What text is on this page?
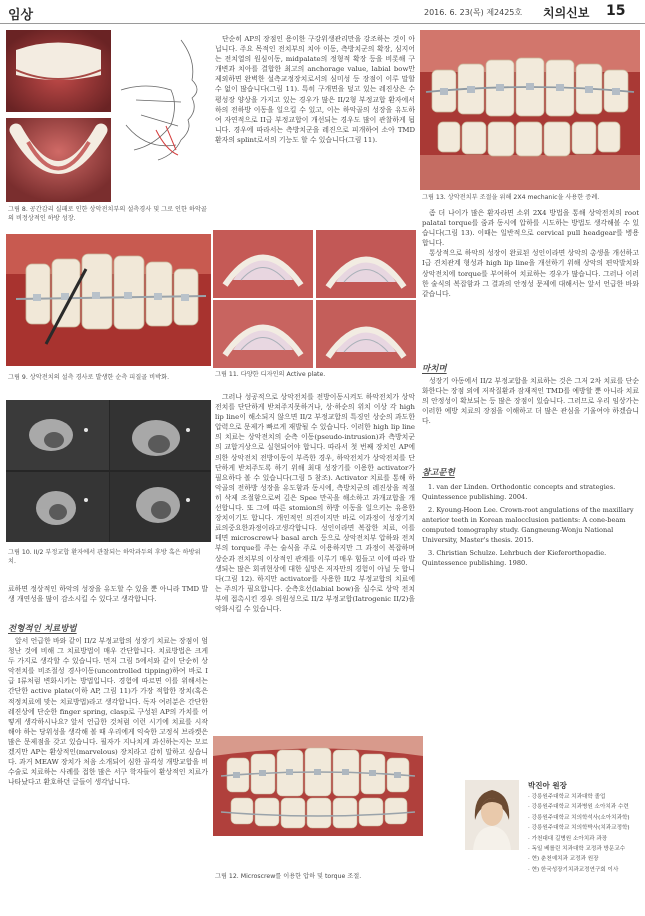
임상	2016. 6. 23(목) 제2425호 치의신보 15
그림 8. 공간감리 실패로 인한 상악전치부의 설측경사 및 그로 인한 하악골의 비정상적인 하방 성장.
그림 9. 상악전치의 설측 경사로 발생한 순측 피질골 비박화.
그림 10. II/2 부정교합 환자에서 관찰되는 하악과두의 후방 혹은 하방위치.

료하면 정상적인 하악의 성장을 유도할 수 있을 뿐 아니라 TMD 발생 개연성을 많이 감소시킬 수 있다고 생각합니다.

전형적인 치료방법

앞서 언급한 바와 같이 II/2 부정교합의 성장기 치료는 장점이 엄청난 것에 비해 그 치료방법이 매우 간단합니다. 치료방법은 크게 두 가지로 생각할 수 있습니다. 먼저 그림 5에서와 같이 단순히 상악전치를 비조절성 경사이동(uncontrolled tipping)하여 바로 I급 I류처럼 변화시키는 방법입니다. 경험에 따르면 이를 위해서는 간단한 active plate(이하 AP, 그림 11)가 가장 적합한 장치(혹은 적정치료에 맞는 치료방법)라고 생각합니다. 독자 여러분은 간단한 레진상에 단순한 finger spring, clasp로 구성된 AP의 가치를 어떻게 생각하시나요? 앞서 언급한 것처럼 이런 시기에 치료를 시작해야 하는 당위성을 생각해 볼 때 우리에게 익숙한 고정식 브라켓은 많은 문제점을 갖고 있습니다. 필자가 지나치게 과신하는지는 모르겠지만 AP는 환상적인(marvelous) 장치라고 감히 말하고 싶습니다. 과거 MEAW 장치가 처음 소개되어 심한 골격성 개방교합을 비수술로 치료하는 사례를 접한 많은 서구 학자들이 환상적인 치료가 나타났다고 환호하던 글들이 생각납니다.

단순히 AP의 장점인 용이한 구강위생관리만을 강조하는 것이 아닙니다. 주요 목적인 전치부의 치아 이동, 측방치군의 확장, 심지어는 전치열의 원심이동, midpalate의 정형적 확장 등을 비롯해 구개변과 치아를 결합한 최고의 anchorage value, labial bow만 제외하면 완벽한 설측교정장치로서의 심미성 등 장점이 이루 말할 수 없이 많습니다(그림 11). 특히 구개면을 덮고 있는 레진상은 수평성장 양상을 가지고 있는 경우가 많은 II/2형 부정교합 환자에서 하의 전하방 이동을 일으킬 수 있고, 이는 하악골의 성장을 유도하여 자연적으로 II급 부정교합이 개선되는 경우도 많이 관찰하게 됩니다. 경우에 따라서는 측방치군을 레진으로 피개하여 소아 TMD환자의 splint로서의 기능도 할 수 있습니다(그림 11).

그림 11. 다양한 디자인의 Active plate.

그러나 성공적으로 상악전치를 전방이동시켜도 하악전치가 상악전치를 단단하게 받쳐주지못하거나, 상·하순의 위치 이상 각 high lip line이 해소되지 않으면 II/2 부정교합의 특징인 상순의 과도한 압력으로 문제가 빠르게 재발될 수 있습니다. 이러한 high lip line의 치료는 상악전치의 순측 이동(pseudo-intrusion)과 측방치군의 교합거상으로 실현되어야 합니다. 따라서 첫 번째 장치인 AP에 의한 상악전치 전방이동이 부족한 경우, 하악전치가 상악전치를 단단하게 받쳐주도록 하기 위해 최대 성장기를 이용한 activator가 필요하다 볼 수 있습니다(그림 5 참조). Activator 치료를 통해 하악골의 전하방 성장을 유도함과 동시에, 측방치군의 레진상을 적절히 삭제 조절함으로써 깊은 Spee 만곡을 해소하고 과개교합을 개선합니다. 또 그에 따른 stomion의 하방 이동을 일으키는 유용한 장치이기도 합니다. 개인적인 의견이지만 바로 이과정이 성장기치료의중요한과정이라고생각합니다. 성인이라면 복잡한 치료, 이를 테면 microscrew나 basal arch 등으로 상악전치부 압하와 전치부의 torque를 주는 술식을 주로 이용하지만 그 과정이 복잡하며 상순과 전치부의 이상적인 관계를 이루기 매우 힘들고 이에 따라 발생되는 많은 회귀현상에 대한 실망은 저자만의 경험이 아닐 듯 합니다(그림 12). 하지만 activator를 사용한 II/2 부정교합의 치료에는 주의가 필요합니다. 순측호선(labial bow)을 실수로 상악 전치부에 접촉시킨 경우 의원성으로 II/2 부정교합(Iatrogenic II/2)을 악화시킬 수 있습니다.

그림 12. Microscrew를 이용한 압하 및 torque 조절.
그림 13. 상악전치부 조절을 위해 2X4 mechanic을 사용한 증례.

좀 더 나이가 많은 환자라면 소위 2X4 방법을 통해 상악전치의 root palatal torque를 줌과 동시에 압하를 시도하는 방법도 생각해볼 수 있습니다(그림 13). 이때는 일반적으로 cervical pull headgear를 병용합니다.

통상적으로 하악의 성장이 완료된 성인이라면 상악의 총생을 개선하고 I급 견치관계 형성과 high lip line을 개선하기 위해 상악의 편악발치와 상악전치에 torque를 부여하여 치료하는 경우가 많습니다. 그러나 이러한 술식의 복잡함과 그 결과의 안정성 문제에 대해서는 앞서 언급한 바와 같습니다.

마치며

성장기 아동에서 II/2 부정교합을 치료하는 것은 그저 2차 치료를 단순화한다는 장점 외에 저작질환과 잠재적인 TMD를 예방할 뿐 아니라 치료의 안정성이 확보되는 등 많은 장점이 있습니다. 그러므로 우리 임상가는 이러한 예방 치료의 장점을 이해하고 더 많은 관심을 기울여야 하겠습니다.

참고문헌
1. van der Linden. Orthodontic concepts and strategies. Quintessence publishing. 2004.
2. Kyoung-Hoon Lee. Crown-root angulations of the maxillary anterior teeth in Korean malocclusion patients: A cone-beam computed tomography study. Gangneung-Wonju National University, Master's thesis. 2015.
3. Christian Schulze. Lehrbuch der Kieferorthopadie. Quintessence publishing. 1980.
박진아 원장
· 강릉원주대학교 치과대학 졸업
· 강릉원주대학교 치과병원 소아치과 수련
· 강릉원주대학교 치의학석사(소아치과학)
· 강릉원주대학교 치의학박사(치과교정학)
· 가천대대 길병원 소아치과 과장
· 독일 베를린 치과대학 교정과 방문교수
· 현) 춘천예치과 교정과 원장
· 현) 한국성장기치과교정연구회 이사
